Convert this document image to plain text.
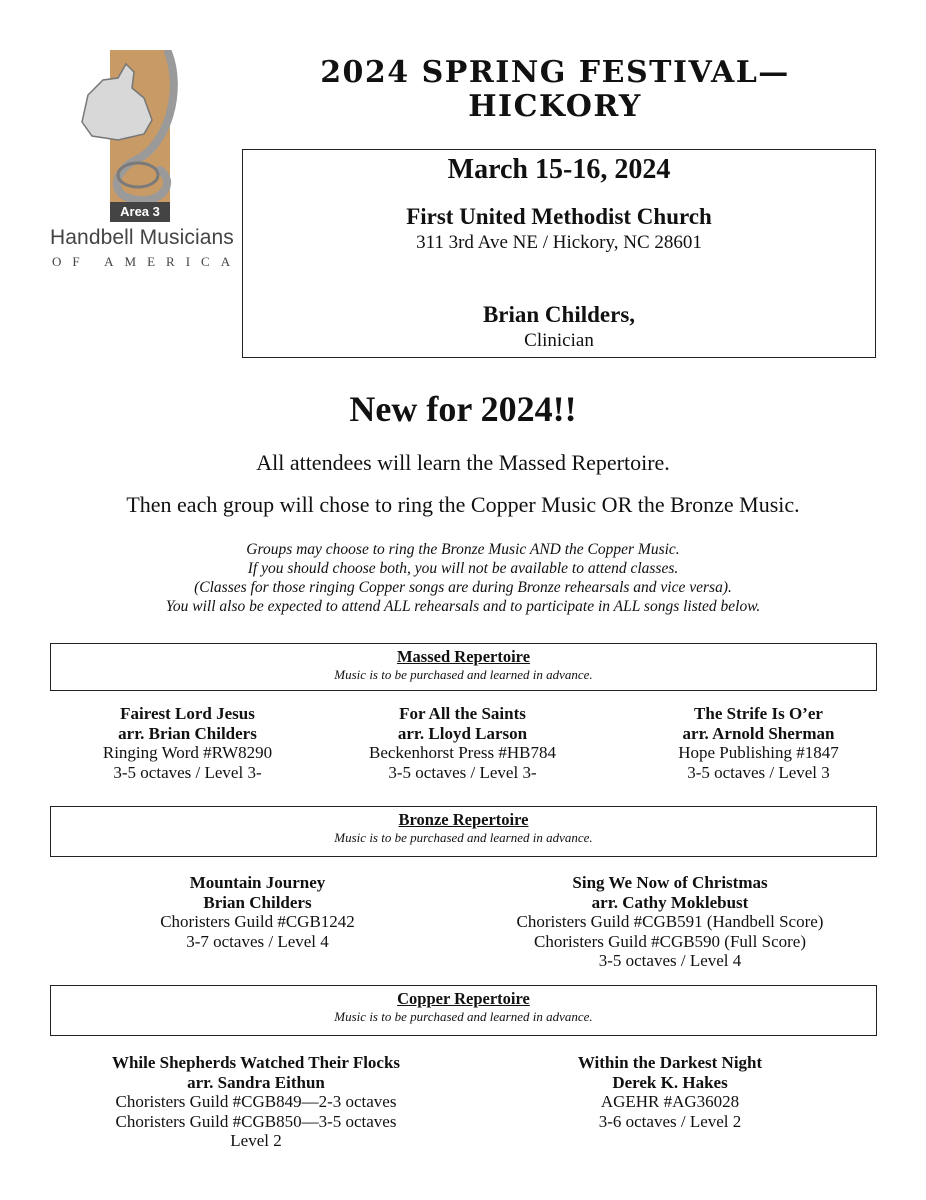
Area 3
Handbell Musicians
OF AMERICA
2024 SPRING FESTIVAL—
HICKORY
March 15-16, 2024
First United Methodist Church
311 3rd Ave NE / Hickory, NC 28601
Brian Childers,
Clinician
New for 2024!!
All attendees will learn the Massed Repertoire.
Then each group will chose to ring the Copper Music OR the Bronze Music.
Groups may choose to ring the Bronze Music AND the Copper Music.
If you should choose both, you will not be available to attend classes.
(Classes for those ringing Copper songs are during Bronze rehearsals and vice versa).
You will also be expected to attend ALL rehearsals and to participate in ALL songs listed below.
Massed Repertoire
Music is to be purchased and learned in advance.
Fairest Lord Jesus
arr. Brian Childers
Ringing Word #RW8290
3-5 octaves / Level 3-
For All the Saints
arr. Lloyd Larson
Beckenhorst Press #HB784
3-5 octaves / Level 3-
The Strife Is O’er
arr. Arnold Sherman
Hope Publishing #1847
3-5 octaves / Level 3
Bronze Repertoire
Music is to be purchased and learned in advance.
Mountain Journey
Brian Childers
Choristers Guild #CGB1242
3-7 octaves / Level 4
Sing We Now of Christmas
arr. Cathy Moklebust
Choristers Guild #CGB591 (Handbell Score)
Choristers Guild #CGB590 (Full Score)
3-5 octaves / Level 4
Copper Repertoire
Music is to be purchased and learned in advance.
While Shepherds Watched Their Flocks
arr. Sandra Eithun
Choristers Guild #CGB849—2-3 octaves
Choristers Guild #CGB850—3-5 octaves
Level 2
Within the Darkest Night
Derek K. Hakes
AGEHR #AG36028
3-6 octaves / Level 2
